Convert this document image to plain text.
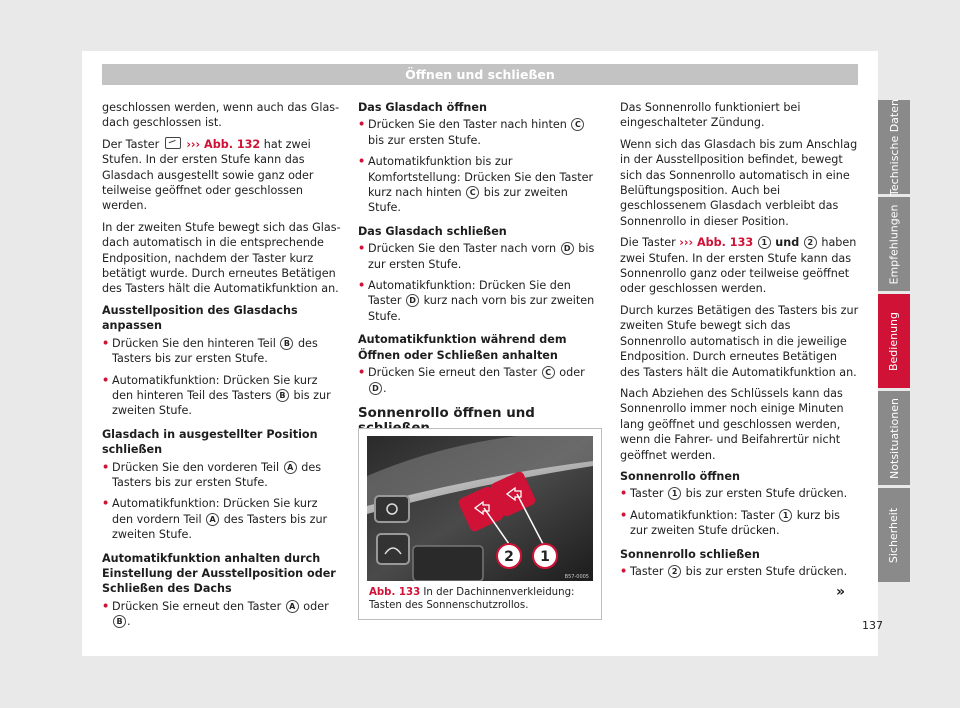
Öffnen und schließen

geschlossen werden, wenn auch das Glasdach geschlossen ist.

Der Taster ››› Abb. 132 hat zwei Stufen. In der ersten Stufe kann das Glasdach ausgestellt sowie ganz oder teilweise geöffnet oder geschlossen werden.

In der zweiten Stufe bewegt sich das Glasdach automatisch in die entsprechende Endposition, nachdem der Taster kurz betätigt wurde. Durch erneutes Betätigen des Tasters hält die Automatikfunktion an.

Ausstellposition des Glasdachs anpassen

• Drücken Sie den hinteren Teil B des Tasters bis zur ersten Stufe.

• Automatikfunktion: Drücken Sie kurz den hinteren Teil des Tasters B bis zur zweiten Stufe.

Glasdach in ausgestellter Position schließen

• Drücken Sie den vorderen Teil A des Tasters bis zur ersten Stufe.

• Automatikfunktion: Drücken Sie kurz den vordern Teil A des Tasters bis zur zweiten Stufe.

Automatikfunktion anhalten durch Einstellung der Ausstellposition oder Schließen des Dachs

• Drücken Sie erneut den Taster A oder B .

Das Glasdach öffnen

• Drücken Sie den Taster nach hinten C bis zur ersten Stufe.

• Automatikfunktion bis zur Komfortstellung: Drücken Sie den Taster kurz nach hinten C bis zur zweiten Stufe.

Das Glasdach schließen

• Drücken Sie den Taster nach vorn D bis zur ersten Stufe.

• Automatikfunktion: Drücken Sie den Taster D kurz nach vorn bis zur zweiten Stufe.

Automatikfunktion während dem Öffnen oder Schließen anhalten

• Drücken Sie erneut den Taster C oder D .

Sonnenrollo öffnen und
2 1
B57-0005
Abb. 133 In der Dachinnenverkleidung: Tasten des Sonnenschutzrollos.

Das Sonnenrollo funktioniert bei eingeschalteter Zündung.

Wenn sich das Glasdach bis zum Anschlag in der Ausstellposition befindet, bewegt sich das Sonnenrollo automatisch in eine Belüftungsposition. Auch bei geschlossenem Glasdach verbleibt das Sonnenrollo in dieser Position.

Die Taster ››› Abb. 133 1 und 2 haben zwei Stufen. In der ersten Stufe kann das Sonnenrollo ganz oder teilweise geöffnet oder geschlossen werden.

Durch kurzes Betätigen des Tasters bis zur zweiten Stufe bewegt sich das Sonnenrollo automatisch in die jeweilige Endposition. Durch erneutes Betätigen des Tasters hält die Automatikfunktion an.

Nach Abziehen des Schlüssels kann das Sonnenrollo immer noch einige Minuten lang geöffnet und geschlossen werden, wenn die Fahrer- und Beifahrertür nicht geöffnet werden.

Sonnenrollo öffnen

• Taster 1 bis zur ersten Stufe drücken.

• Automatikfunktion: Taster 1 kurz bis zur zweiten Stufe drücken.

Sonnenrollo schließen

• Taster 2 bis zur ersten Stufe drücken.

»
Technische Daten
Empfehlungen
Bedienung
Notsituationen
Sicherheit
137
